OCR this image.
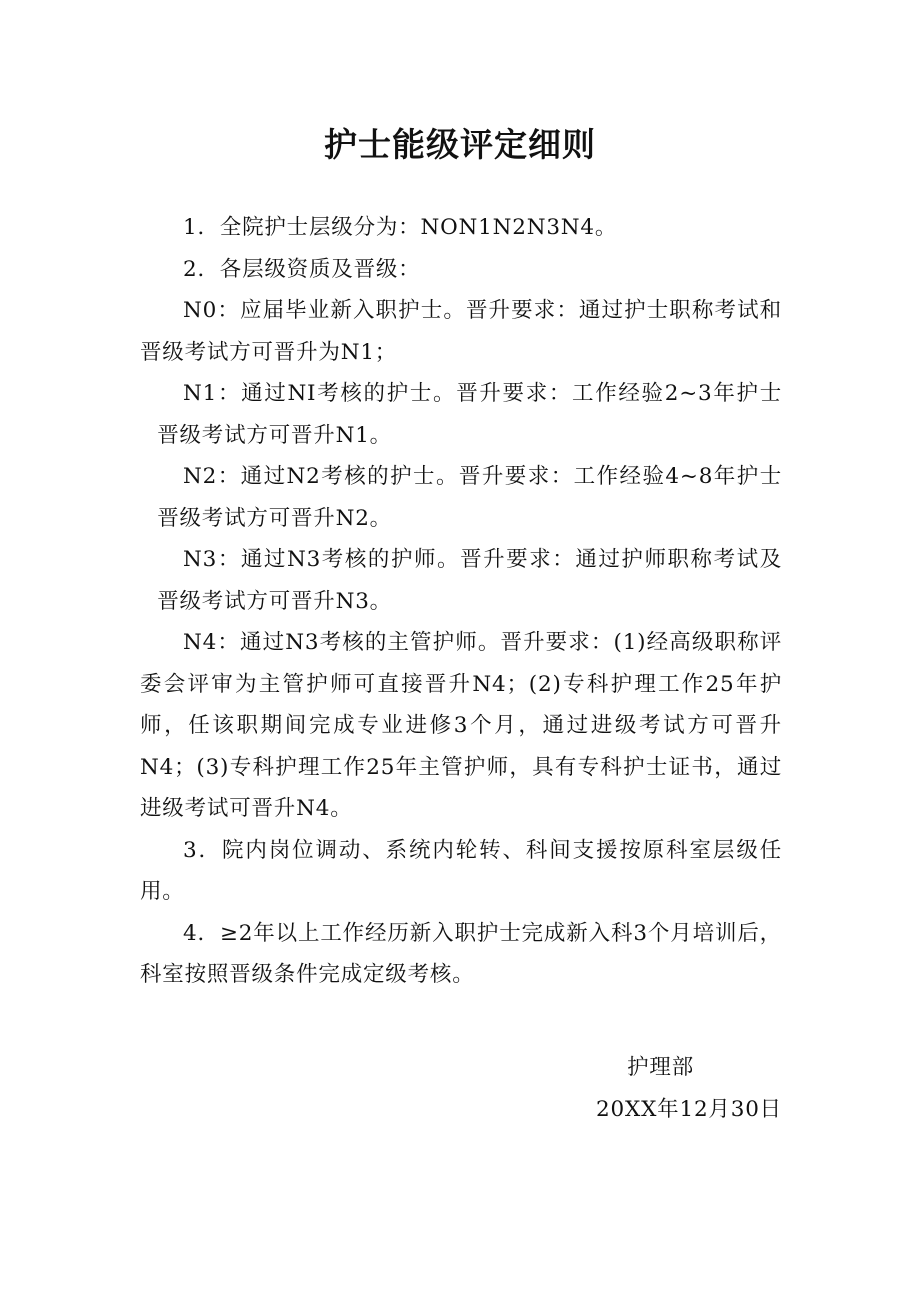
护士能级评定细则

1．全院护士层级分为：NON1N2N3N4。

2．各层级资质及晋级：

N0：应届毕业新入职护士。晋升要求：通过护士职称考试和晋级考试方可晋升为N1；

N1：通过NI考核的护士。晋升要求：工作经验2~3年护士晋级考试方可晋升N1。

N2：通过N2考核的护士。晋升要求：工作经验4~8年护士晋级考试方可晋升N2。

N3：通过N3考核的护师。晋升要求：通过护师职称考试及晋级考试方可晋升N3。

N4：通过N3考核的主管护师。晋升要求：(1)经高级职称评委会评审为主管护师可直接晋升N4；(2)专科护理工作25年护师，任该职期间完成专业进修3个月，通过进级考试方可晋升N4；(3)专科护理工作25年主管护师，具有专科护士证书，通过进级考试可晋升N4。

3．院内岗位调动、系统内轮转、科间支援按原科室层级任用。

4．≥2年以上工作经历新入职护士完成新入科3个月培训后，科室按照晋级条件完成定级考核。

护理部
20XX年12月30日
